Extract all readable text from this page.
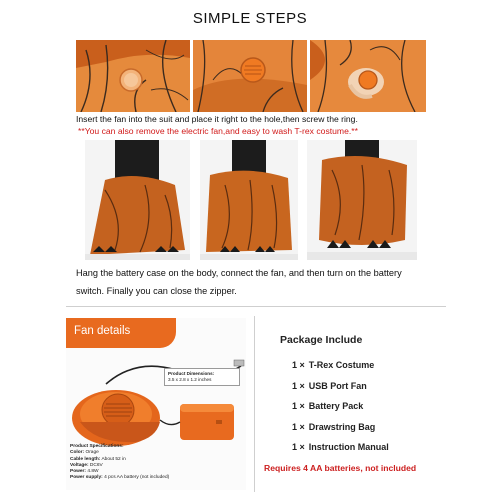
SIMPLE STEPS
Insert the fan into the suit and place it right to the hole,then screw the ring.
**You can also remove the electric fan,and easy to wash T-rex costume.**
Hang the battery case on the body, connect the fan, and then turn on the battery
switch. Finally you can close the zipper.
Fan details
Product Dimensions:
3.5 x 2.8 x 1.2 inches
Product Specifications:
Color: Orage
Cable length: About 52 in
Voltage: DC6V
Power: 4.8W
Power supply: 4 pcs AA battery (not included)
Package Include
1 × T-Rex Costume
1 × USB Port Fan
1 × Battery Pack
1 × Drawstring Bag
1 × Instruction Manual
Requires 4 AA batteries, not included
